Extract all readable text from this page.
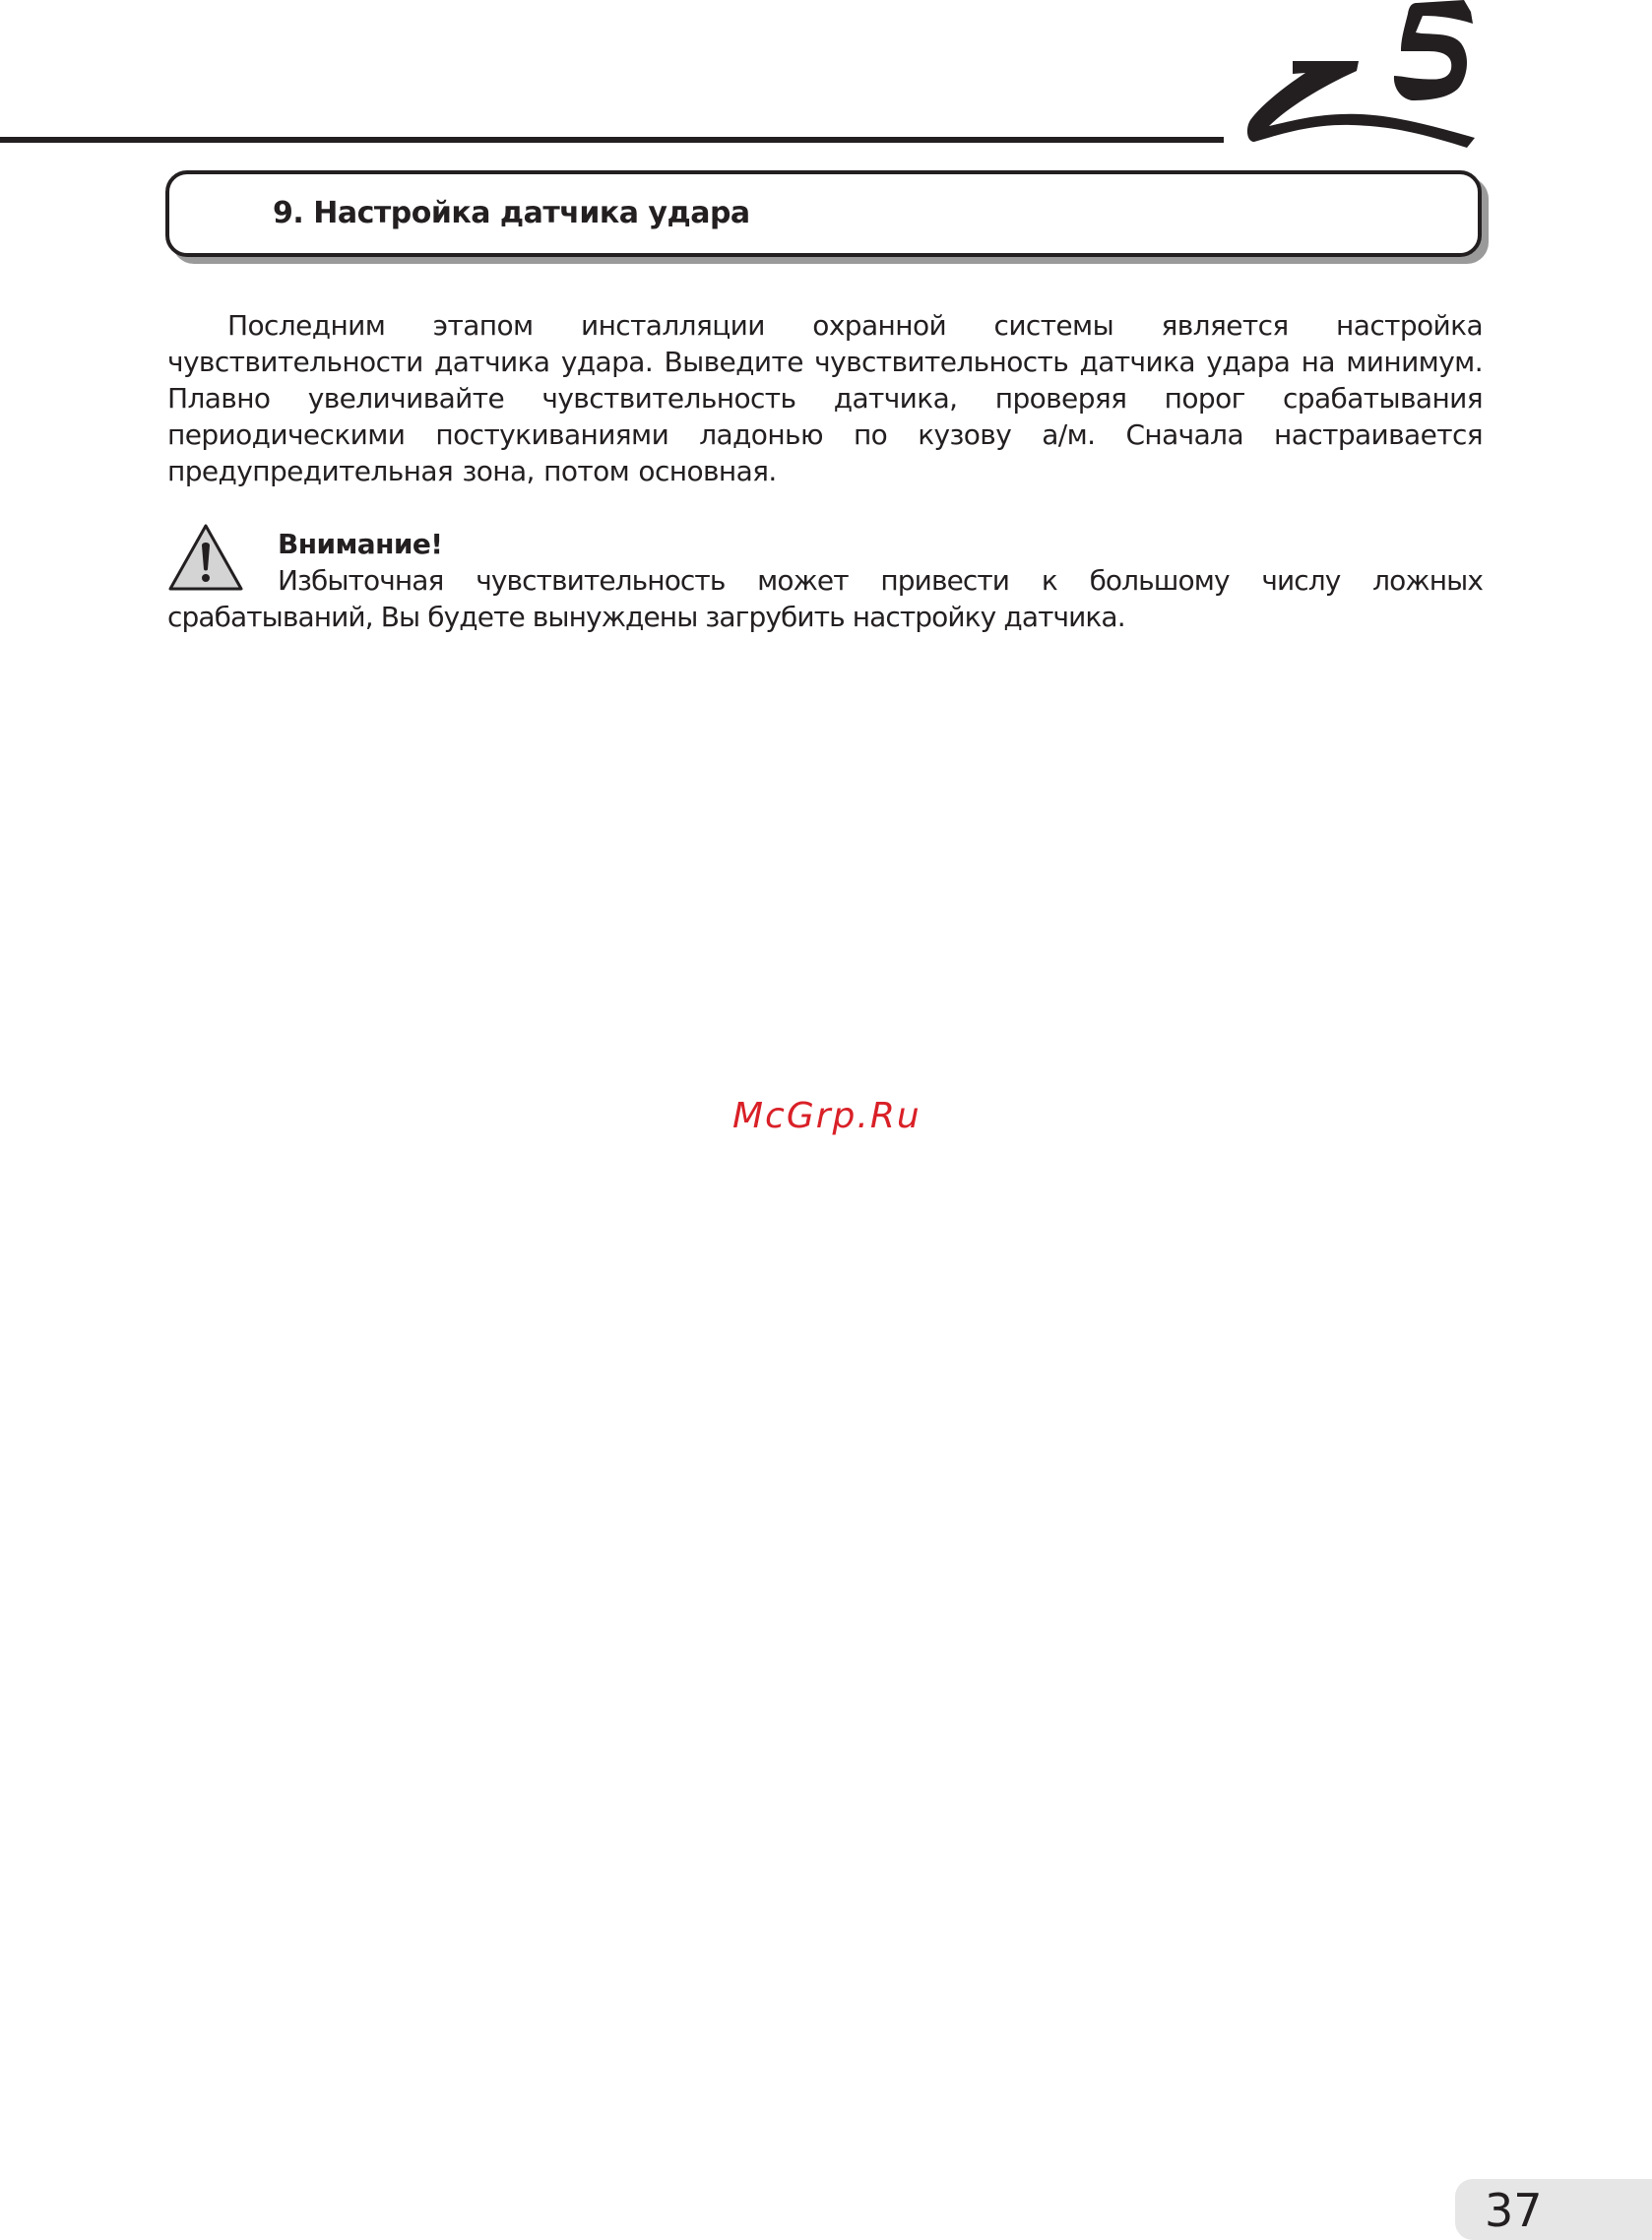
9. Настройка датчика удара

Последним этапом инсталляции охранной системы является настройка чувствительности датчика удара. Выведите чувствительность датчика удара на минимум. Плавно увеличивайте чувствительность датчика, проверяя порог срабатывания периодическими постукиваниями ладонью по кузову а/м. Сначала настраивается предупредительная зона, потом основная.

Внимание!

Избыточная чувствительность может привести к большому числу ложных срабатываний, Вы будете вынуждены загрубить настройку датчика.

McGrp.Ru

37
